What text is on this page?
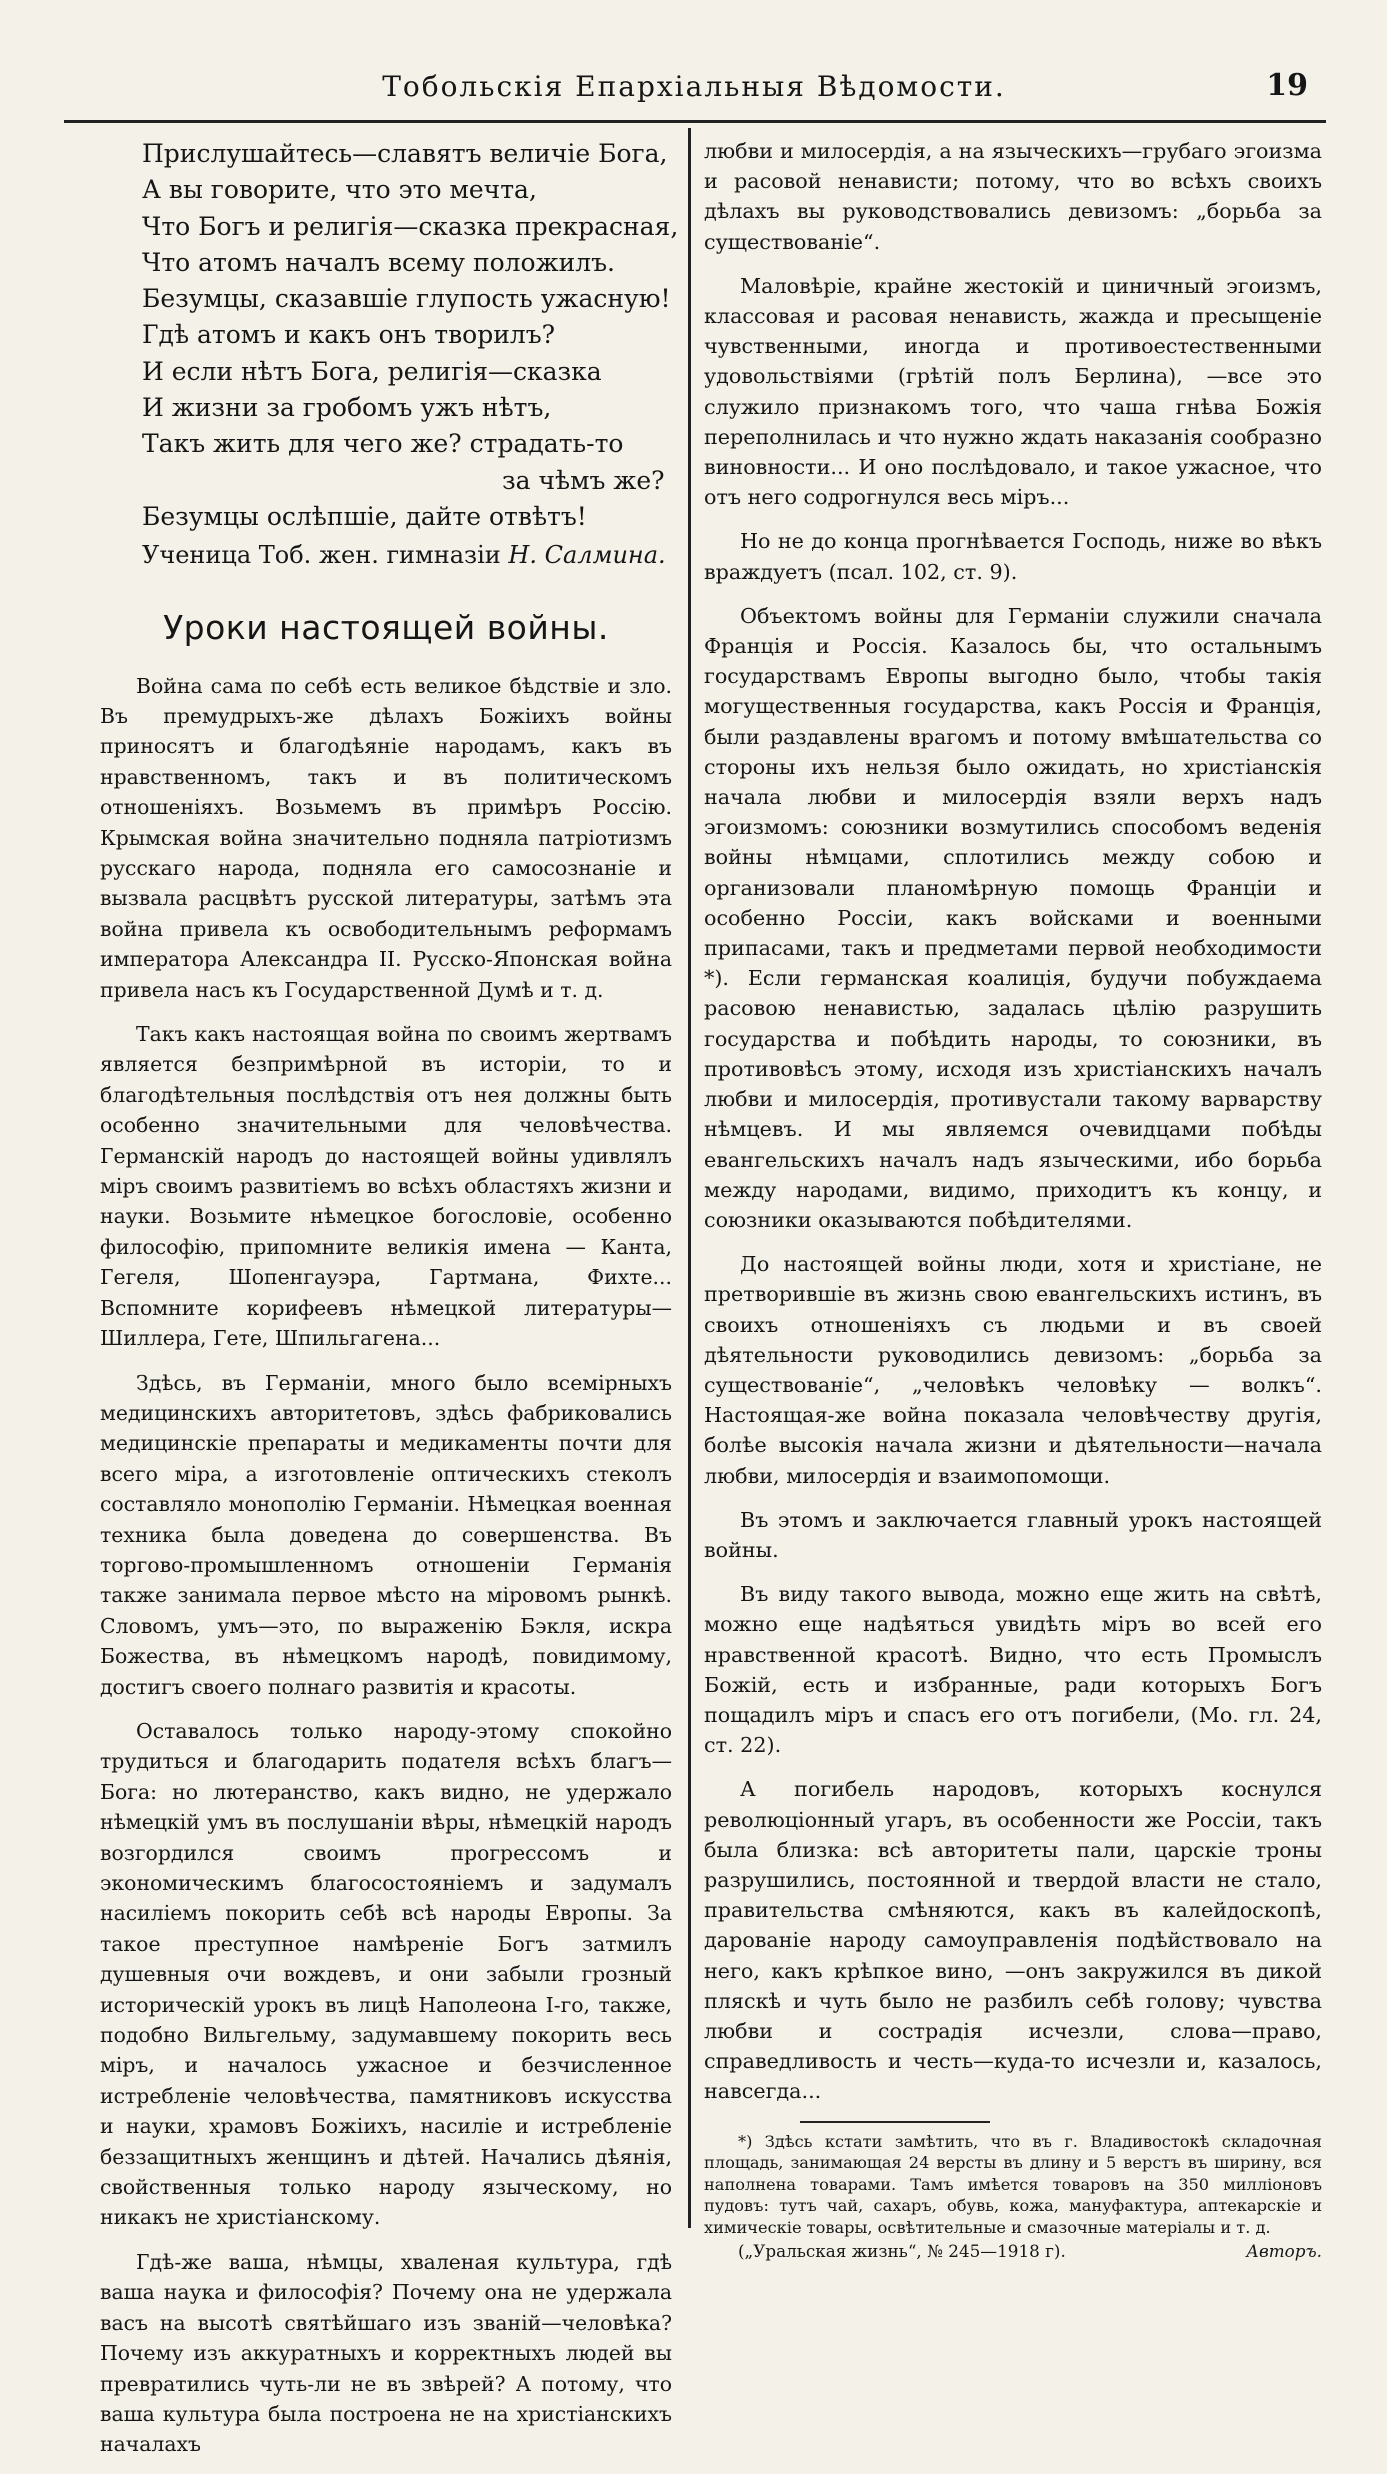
Тобольскія Епархіальныя Вѣдомости.	19
Прислушайтесь—славятъ величіе Бога,
А вы говорите, что это мечта,
Что Богъ и религія—сказка прекрасная,
Что атомъ началъ всему положилъ.
Безумцы, сказавшіе глупость ужасную!
Гдѣ атомъ и какъ онъ творилъ?
И если нѣтъ Бога, религія—сказка
И жизни за гробомъ ужъ нѣтъ,
Такъ жить для чего же? страдать-то
за чѣмъ же?
Безумцы ослѣпшіе, дайте отвѣтъ!
Ученица Тоб. жен. гимназіи Н. Салмина.
Уроки настоящей войны.

Война сама по себѣ есть великое бѣдствіе и зло. Въ премудрыхъ-же дѣлахъ Божіихъ войны приносятъ и благодѣяніе народамъ, какъ въ нравственномъ, такъ и въ политическомъ отношеніяхъ. Возьмемъ въ примѣръ Россію. Крымская война значительно подняла патріотизмъ русскаго народа, подняла его самосознаніе и вызвала расцвѣтъ русской литературы, затѣмъ эта война привела къ освободительнымъ реформамъ императора Александра II. Русско-Японская война привела насъ къ Государственной Думѣ и т. д.

Такъ какъ настоящая война по своимъ жертвамъ является безпримѣрной въ исторіи, то и благодѣтельныя послѣдствія отъ нея должны быть особенно значительными для человѣчества. Германскій народъ до настоящей войны удивлялъ міръ своимъ развитіемъ во всѣхъ областяхъ жизни и науки. Возьмите нѣмецкое богословіе, особенно философію, припомните великія имена — Канта, Гегеля, Шопенгауэра, Гартмана, Фихте... Вспомните корифеевъ нѣмецкой литературы—Шиллера, Гете, Шпильгагена...

Здѣсь, въ Германіи, много было всемірныхъ медицинскихъ авторитетовъ, здѣсь фабриковались медицинскіе препараты и медикаменты почти для всего міра, а изготовленіе оптическихъ стеколъ составляло монополію Германіи. Нѣмецкая военная техника была доведена до совершенства. Въ торгово-промышленномъ отношеніи Германія также занимала первое мѣсто на міровомъ рынкѣ. Словомъ, умъ—это, по выраженію Бэкля, искра Божества, въ нѣмецкомъ народѣ, повидимому, достигъ своего полнаго развитія и красоты.

Оставалось только народу-этому спокойно трудиться и благодарить подателя всѣхъ благъ—Бога: но лютеранство, какъ видно, не удержало нѣмецкій умъ въ послушаніи вѣры, нѣмецкій народъ возгордился своимъ прогрессомъ и экономическимъ благосостояніемъ и задумалъ насиліемъ покорить себѣ всѣ народы Европы. За такое преступное намѣреніе Богъ затмилъ душевныя очи вождевъ, и они забыли грозный историческій урокъ въ лицѣ Наполеона I-го, также, подобно Вильгельму, задумавшему покорить весь міръ, и началось ужасное и безчисленное истребленіе человѣчества, памятниковъ искусства и науки, храмовъ Божіихъ, насиліе и истребленіе беззащитныхъ женщинъ и дѣтей. Начались дѣянія, свойственныя только народу языческому, но никакъ не христіанскому.

Гдѣ-же ваша, нѣмцы, хваленая культура, гдѣ ваша наука и философія? Почему она не удержала васъ на высотѣ святѣйшаго изъ званій—человѣка? Почему изъ аккуратныхъ и корректныхъ людей вы превратились чуть-ли не въ звѣрей? А потому, что ваша культура была построена не на христіанскихъ началахъ

любви и милосердія, а на языческихъ—грубаго эгоизма и расовой ненависти; потому, что во всѣхъ своихъ дѣлахъ вы руководствовались девизомъ: „борьба за существованіе“.

Маловѣріе, крайне жестокій и циничный эгоизмъ, классовая и расовая ненависть, жажда и пресыщеніе чувственными, иногда и противоестественными удовольствіями (грѣтій полъ Берлина), —все это служило признакомъ того, что чаша гнѣва Божія переполнилась и что нужно ждать наказанія сообразно виновности... И оно послѣдовало, и такое ужасное, что отъ него содрогнулся весь міръ...

Но не до конца прогнѣвается Господь, ниже во вѣкъ враждуетъ (псал. 102, ст. 9).

Объектомъ войны для Германіи служили сначала Франція и Россія. Казалось бы, что остальнымъ государствамъ Европы выгодно было, чтобы такія могущественныя государства, какъ Россія и Франція, были раздавлены врагомъ и потому вмѣшательства со стороны ихъ нельзя было ожидать, но христіанскія начала любви и милосердія взяли верхъ надъ эгоизмомъ: союзники возмутились способомъ веденія войны нѣмцами, сплотились между собою и организовали планомѣрную помощь Франціи и особенно Россіи, какъ войсками и военными припасами, такъ и предметами первой необходимости *). Если германская коалиція, будучи побуждаема расовою ненавистью, задалась цѣлію разрушить государства и побѣдить народы, то союзники, въ противовѣсъ этому, исходя изъ христіанскихъ началъ любви и милосердія, противустали такому варварству нѣмцевъ. И мы являемся очевидцами побѣды евангельскихъ началъ надъ языческими, ибо борьба между народами, видимо, приходитъ къ концу, и союзники оказываются побѣдителями.

До настоящей войны люди, хотя и христіане, не претворившіе въ жизнь свою евангельскихъ истинъ, въ своихъ отношеніяхъ съ людьми и въ своей дѣятельности руководились девизомъ: „борьба за существованіе“, „человѣкъ человѣку — волкъ“. Настоящая-же война показала человѣчеству другія, болѣе высокія начала жизни и дѣятельности—начала любви, милосердія и взаимопомощи.

Въ этомъ и заключается главный урокъ настоящей войны.

Въ виду такого вывода, можно еще жить на свѣтѣ, можно еще надѣяться увидѣть міръ во всей его нравственной красотѣ. Видно, что есть Промыслъ Божій, есть и избранные, ради которыхъ Богъ пощадилъ міръ и спасъ его отъ погибели, (Мо. гл. 24, ст. 22).

А погибель народовъ, которыхъ коснулся революціонный угаръ, въ особенности же Россіи, такъ была близка: всѣ авторитеты пали, царскіе троны разрушились, постоянной и твердой власти не стало, правительства смѣняются, какъ въ калейдоскопѣ, дарованіе народу самоуправленія подѣйствовало на него, какъ крѣпкое вино, —онъ закружился въ дикой пляскѣ и чуть было не разбилъ себѣ голову; чувства любви и сострадія исчезли, слова—право, справедливость и честь—куда-то исчезли и, казалось, навсегда...

*) Здѣсь кстати замѣтить, что въ г. Владивостокѣ складочная площадь, занимающая 24 версты въ длину и 5 верстъ въ ширину, вся наполнена товарами. Тамъ имѣется товаровъ на 350 милліоновъ пудовъ: тутъ чай, сахаръ, обувь, кожа, мануфактура, аптекарскіе и химическіе товары, освѣтительные и смазочные матеріалы и т. д.

(„Уральская жизнь“, № 245—1918 г).	Авторъ.
